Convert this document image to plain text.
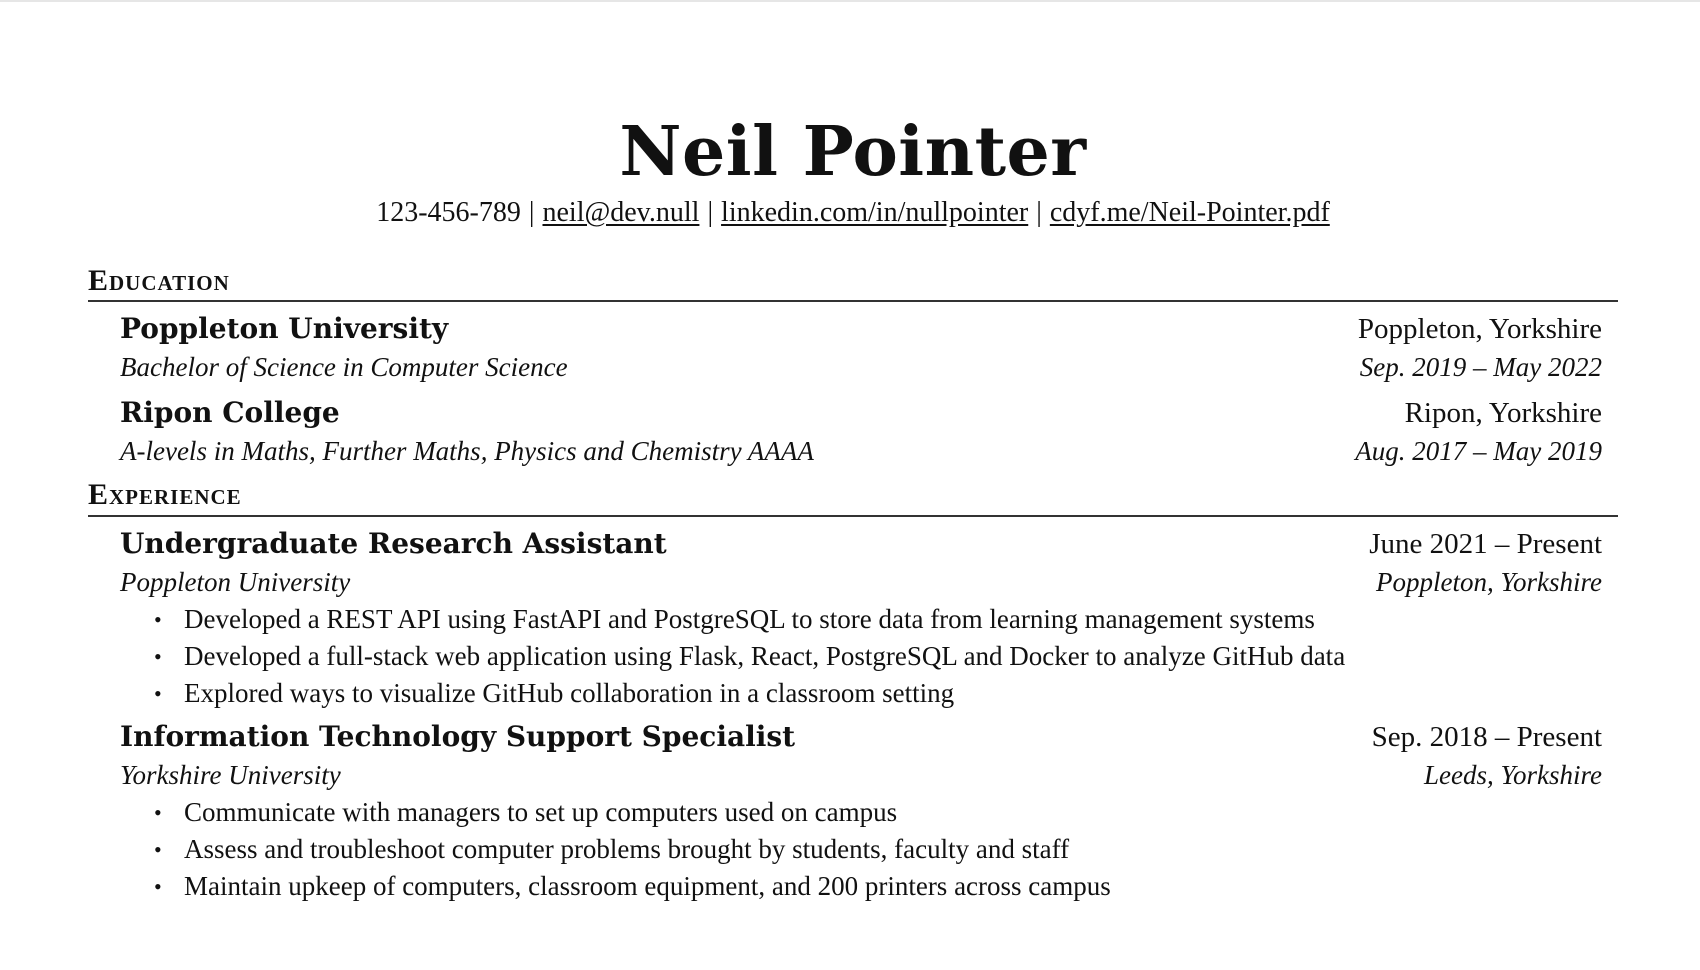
Neil Pointer
123-456-789 | neil@dev.null | linkedin.com/in/nullpointer | cdyf.me/Neil-Pointer.pdf
Education
Poppleton University	Poppleton, Yorkshire
Bachelor of Science in Computer Science	Sep. 2019 – May 2022
Ripon College	Ripon, Yorkshire
A-levels in Maths, Further Maths, Physics and Chemistry AAAA	Aug. 2017 – May 2019
Experience
Undergraduate Research Assistant	June 2021 – Present
Poppleton University	Poppleton, Yorkshire
• Developed a REST API using FastAPI and PostgreSQL to store data from learning management systems
• Developed a full-stack web application using Flask, React, PostgreSQL and Docker to analyze GitHub data
• Explored ways to visualize GitHub collaboration in a classroom setting
Information Technology Support Specialist	Sep. 2018 – Present
Yorkshire University	Leeds, Yorkshire
• Communicate with managers to set up computers used on campus
• Assess and troubleshoot computer problems brought by students, faculty and staff
• Maintain upkeep of computers, classroom equipment, and 200 printers across campus
